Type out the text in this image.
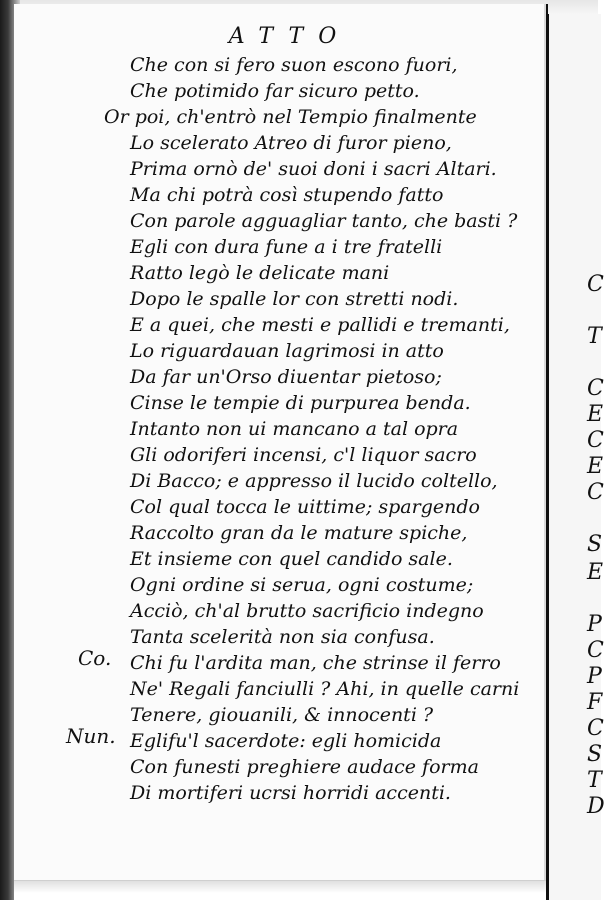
C
T
C
E
C
E
C
S
E
P
C
P
F
C
S
T
D
ATTO
Co.
Nun.
Che con si fero suon escono fuori,
Che potimido far sicuro petto.
Or poi, ch'entrò nel Tempio finalmente
Lo scelerato Atreo di furor pieno,
Prima ornò de' suoi doni i sacri Altari.
Ma chi potrà così stupendo fatto
Con parole agguagliar tanto, che basti ?
Egli con dura fune a i tre fratelli
Ratto legò le delicate mani
Dopo le spalle lor con stretti nodi.
E a quei, che mesti e pallidi e tremanti,
Lo riguardauan lagrimosi in atto
Da far un'Orso diuentar pietoso;
Cinse le tempie di purpurea benda.
Intanto non ui mancano a tal opra
Gli odoriferi incensi, c'l liquor sacro
Di Bacco; e appresso il lucido coltello,
Col qual tocca le uittime; spargendo
Raccolto gran da le mature spiche,
Et insieme con quel candido sale.
Ogni ordine si serua, ogni costume;
Acciò, ch'al brutto sacrificio indegno
Tanta scelerità non sia confusa.
Chi fu l'ardita man, che strinse il ferro
Ne' Regali fanciulli ? Ahi, in quelle carni
Tenere, giouanili, & innocenti ?
Eglifu'l sacerdote: egli homicida
Con funesti preghiere audace forma
Di mortiferi ucrsi horridi accenti.
